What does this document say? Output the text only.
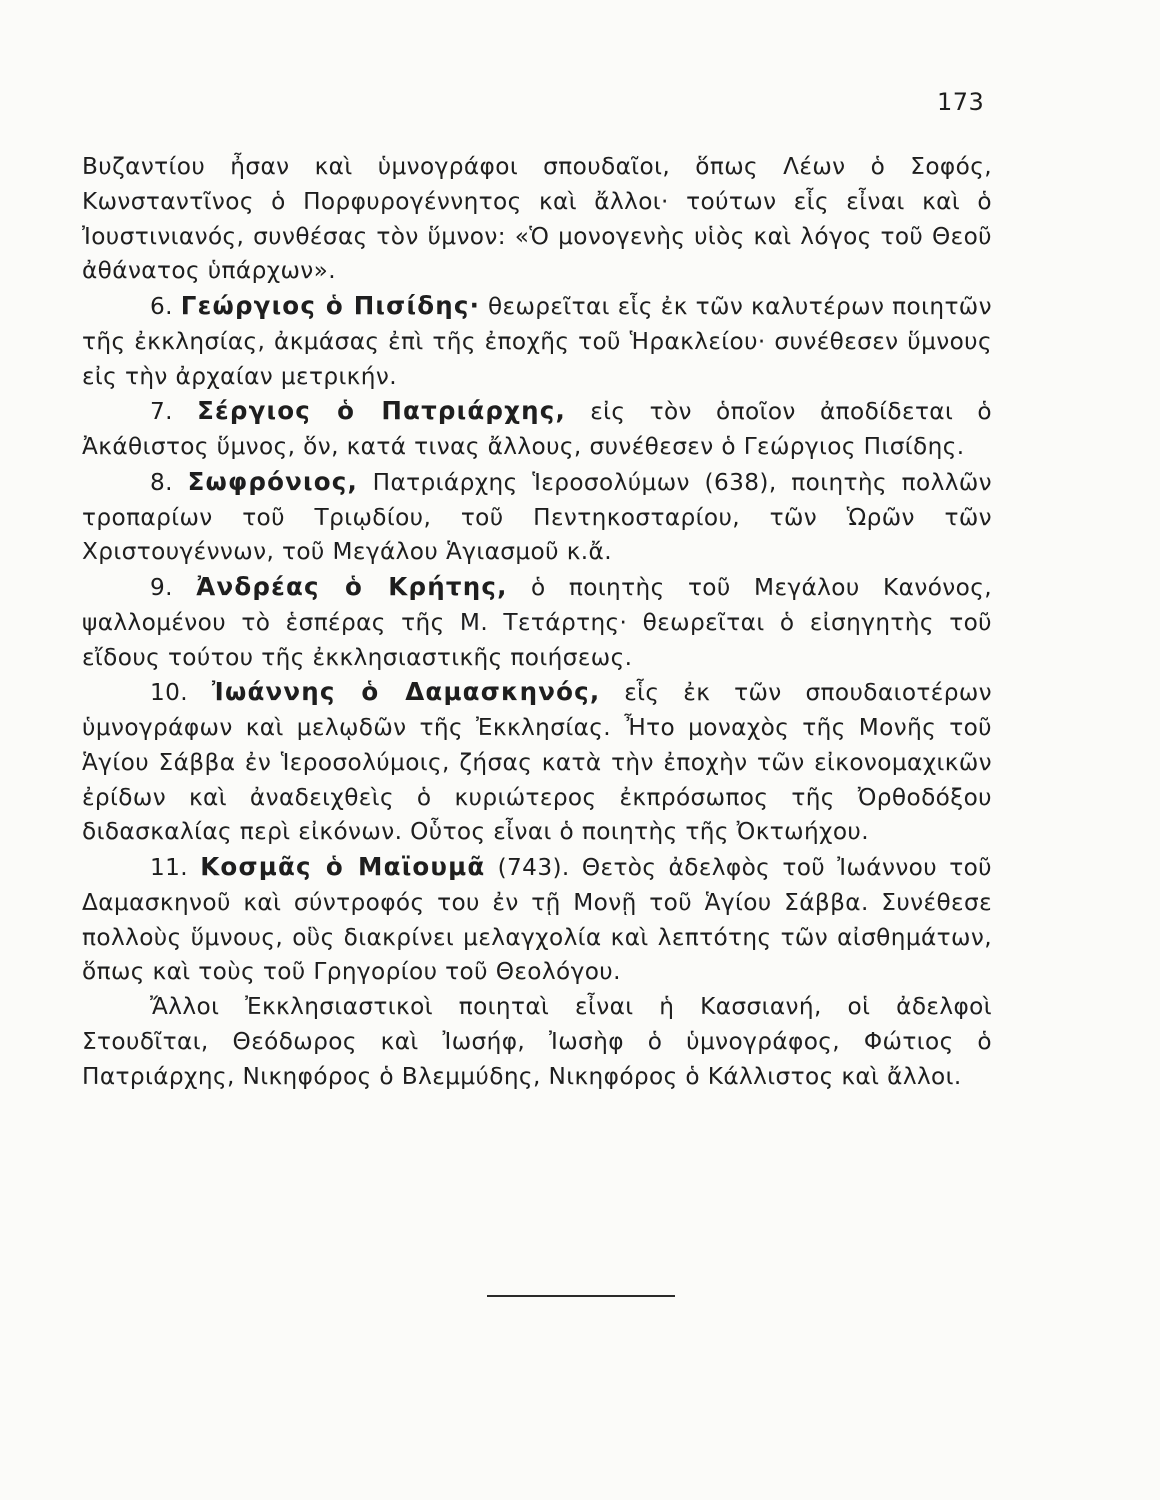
173

Βυζαντίου ἦσαν καὶ ὑμνογράφοι σπουδαῖοι, ὅπως Λέων ὁ Σοφός, Κωνσταντῖνος ὁ Πορφυρογέννητος καὶ ἄλλοι· τούτων εἷς εἶναι καὶ ὁ Ἰουστινιανός, συνθέσας τὸν ὕμνον: «Ὁ μονογενὴς υἱὸς καὶ λόγος τοῦ Θεοῦ ἀθάνατος ὑπάρχων».

6. Γεώργιος ὁ Πισίδης· θεωρεῖται εἷς ἐκ τῶν καλυτέρων ποιητῶν τῆς ἐκκλησίας, ἀκμάσας ἐπὶ τῆς ἐποχῆς τοῦ Ἡρακλείου· συνέθεσεν ὕμνους εἰς τὴν ἀρχαίαν μετρικήν.

7. Σέργιος ὁ Πατριάρχης, εἰς τὸν ὁποῖον ἀποδίδεται ὁ Ἀκάθιστος ὕμνος, ὅν, κατά τινας ἄλλους, συνέθεσεν ὁ Γεώργιος Πισίδης.

8. Σωφρόνιος, Πατριάρχης Ἱεροσολύμων (638), ποιητὴς πολλῶν τροπαρίων τοῦ Τριῳδίου, τοῦ Πεντηκοσταρίου, τῶν Ὡρῶν τῶν Χριστουγέννων, τοῦ Μεγάλου Ἁγιασμοῦ κ.ἄ.

9. Ἀνδρέας ὁ Κρήτης, ὁ ποιητὴς τοῦ Μεγάλου Κανόνος, ψαλλομένου τὸ ἑσπέρας τῆς Μ. Τετάρτης· θεωρεῖται ὁ εἰσηγητὴς τοῦ εἴδους τούτου τῆς ἐκκλησιαστικῆς ποιήσεως.

10. Ἰωάννης ὁ Δαμασκηνός, εἷς ἐκ τῶν σπουδαιοτέρων ὑμνογράφων καὶ μελῳδῶν τῆς Ἐκκλησίας. Ἦτο μοναχὸς τῆς Μονῆς τοῦ Ἁγίου Σάββα ἐν Ἱεροσολύμοις, ζήσας κατὰ τὴν ἐποχὴν τῶν εἰκονομαχικῶν ἐρίδων καὶ ἀναδειχθεὶς ὁ κυριώτερος ἐκπρόσωπος τῆς Ὀρθοδόξου διδασκαλίας περὶ εἰκόνων. Οὗτος εἶναι ὁ ποιητὴς τῆς Ὀκτωήχου.

11. Κοσμᾶς ὁ Μαϊουμᾶ (743). Θετὸς ἀδελφὸς τοῦ Ἰωάννου τοῦ Δαμασκηνοῦ καὶ σύντροφός του ἐν τῇ Μονῇ τοῦ Ἁγίου Σάββα. Συνέθεσε πολλοὺς ὕμνους, οὓς διακρίνει μελαγχολία καὶ λεπτότης τῶν αἰσθημάτων, ὅπως καὶ τοὺς τοῦ Γρηγορίου τοῦ Θεολόγου.

Ἄλλοι Ἐκκλησιαστικοὶ ποιηταὶ εἶναι ἡ Κασσιανή, οἱ ἀδελφοὶ Στουδῖται, Θεόδωρος καὶ Ἰωσήφ, Ἰωσὴφ ὁ ὑμνογράφος, Φώτιος ὁ Πατριάρχης, Νικηφόρος ὁ Βλεμμύδης, Νικηφόρος ὁ Κάλλιστος καὶ ἄλλοι.
